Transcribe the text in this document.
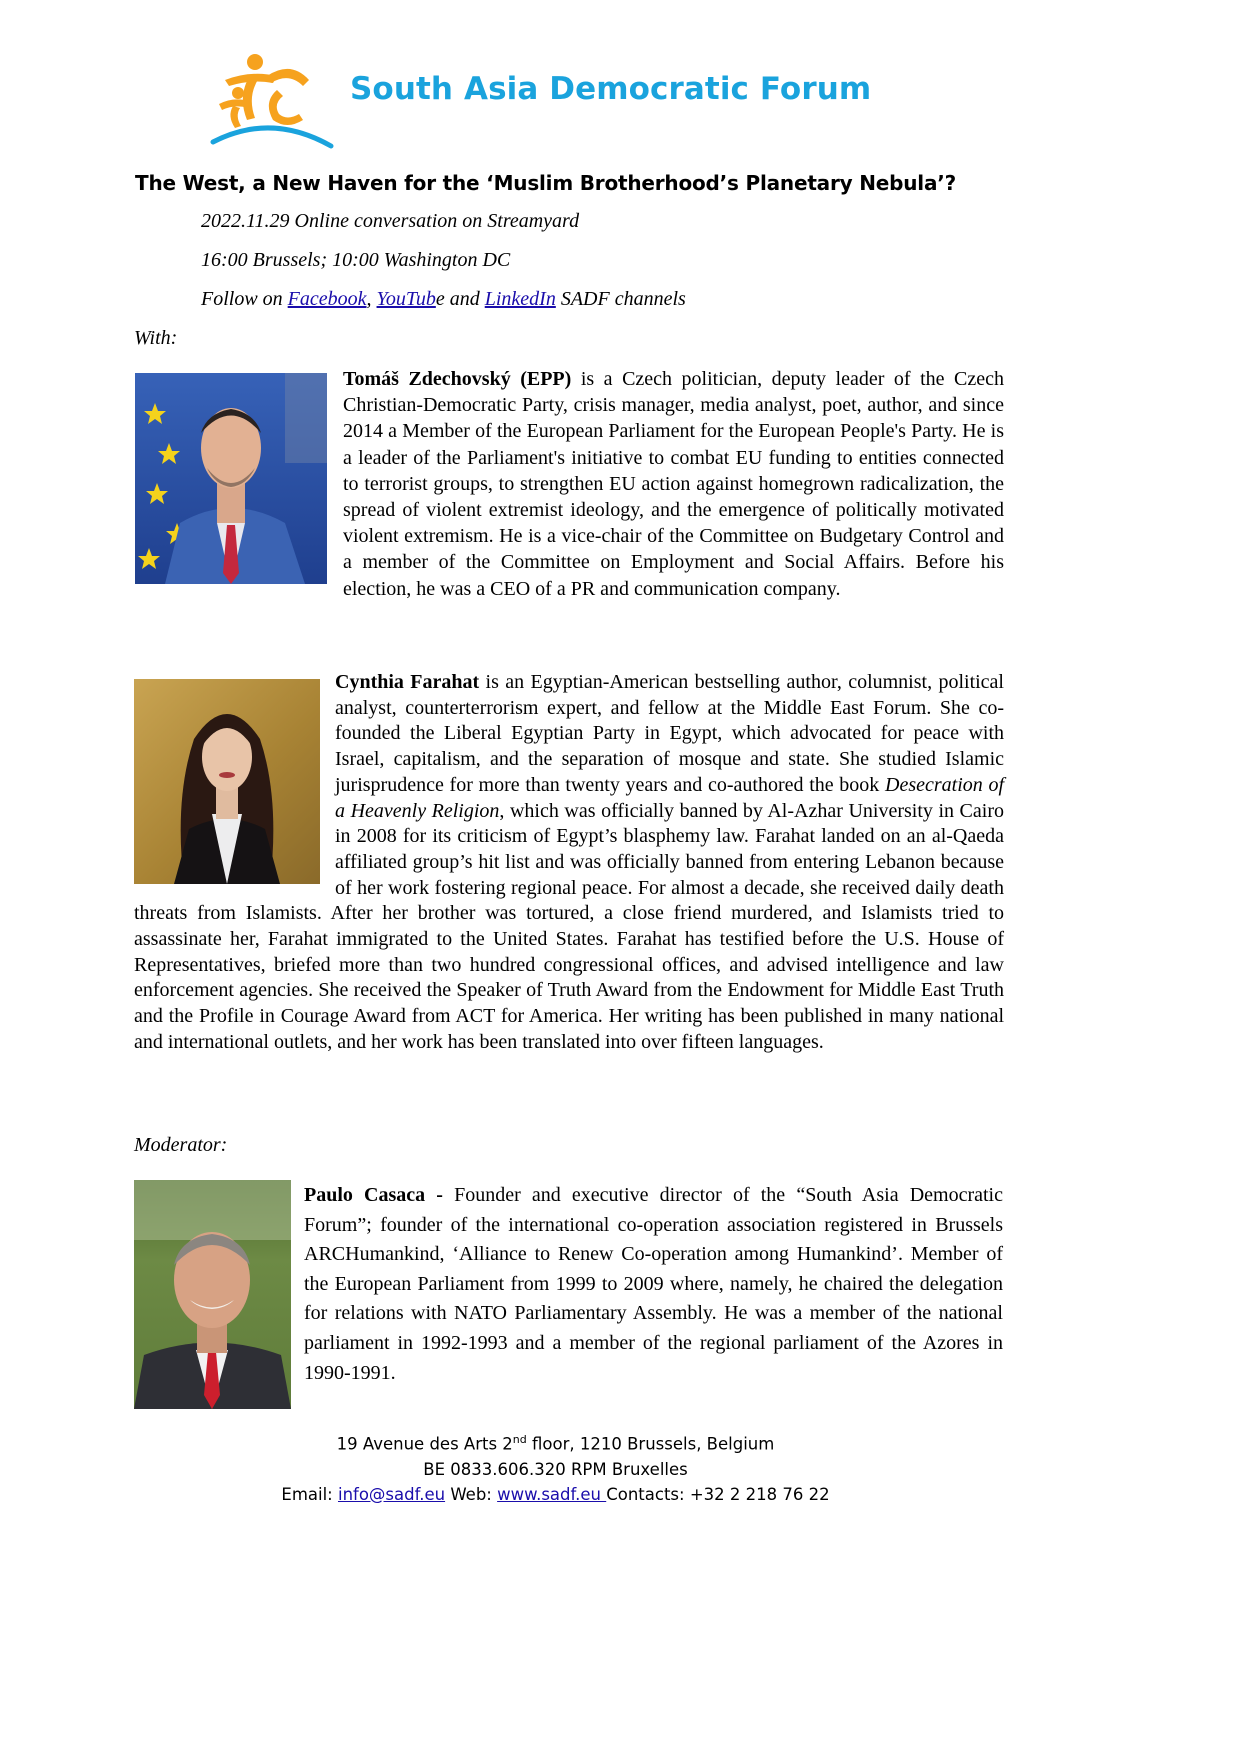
South Asia Democratic Forum
The West, a New Haven for the ‘Muslim Brotherhood’s Planetary Nebula’?
2022.11.29 Online conversation on Streamyard
16:00 Brussels; 10:00 Washington DC
Follow on Facebook, YouTube and LinkedIn SADF channels
With:
Tomáš Zdechovský (EPP) is a Czech politician, deputy leader of the Czech Christian-Democratic Party, crisis manager, media analyst, poet, author, and since 2014 a Member of the European Parliament for the European People's Party. He is a leader of the Parliament's initiative to combat EU funding to entities connected to terrorist groups, to strengthen EU action against homegrown radicalization, the spread of violent extremist ideology, and the emergence of politically motivated violent extremism. He is a vice-chair of the Committee on Budgetary Control and a member of the Committee on Employment and Social Affairs. Before his election, he was a CEO of a PR and communication company.
Cynthia Farahat is an Egyptian-American bestselling author, columnist, political analyst, counterterrorism expert, and fellow at the Middle East Forum. She co-founded the Liberal Egyptian Party in Egypt, which advocated for peace with Israel, capitalism, and the separation of mosque and state. She studied Islamic jurisprudence for more than twenty years and co-authored the book Desecration of a Heavenly Religion, which was officially banned by Al-Azhar University in Cairo in 2008 for its criticism of Egypt’s blasphemy law. Farahat landed on an al-Qaeda affiliated group’s hit list and was officially banned from entering Lebanon because of her work fostering regional peace. For almost a decade, she received daily death threats from Islamists. After her brother was tortured, a close friend murdered, and Islamists tried to assassinate her, Farahat immigrated to the United States. Farahat has testified before the U.S. House of Representatives, briefed more than two hundred congressional offices, and advised intelligence and law enforcement agencies. She received the Speaker of Truth Award from the Endowment for Middle East Truth and the Profile in Courage Award from ACT for America. Her writing has been published in many national and international outlets, and her work has been translated into over fifteen languages.
Moderator:
Paulo Casaca - Founder and executive director of the “South Asia Democratic Forum”; founder of the international co-operation association registered in Brussels ARCHumankind, ‘Alliance to Renew Co-operation among Humankind’. Member of the European Parliament from 1999 to 2009 where, namely, he chaired the delegation for relations with NATO Parliamentary Assembly. He was a member of the national parliament in 1992-1993 and a member of the regional parliament of the Azores in 1990-1991.
19 Avenue des Arts 2nd floor, 1210 Brussels, Belgium
BE 0833.606.320 RPM Bruxelles
Email: info@sadf.eu Web: www.sadf.eu Contacts: +32 2 218 76 22
